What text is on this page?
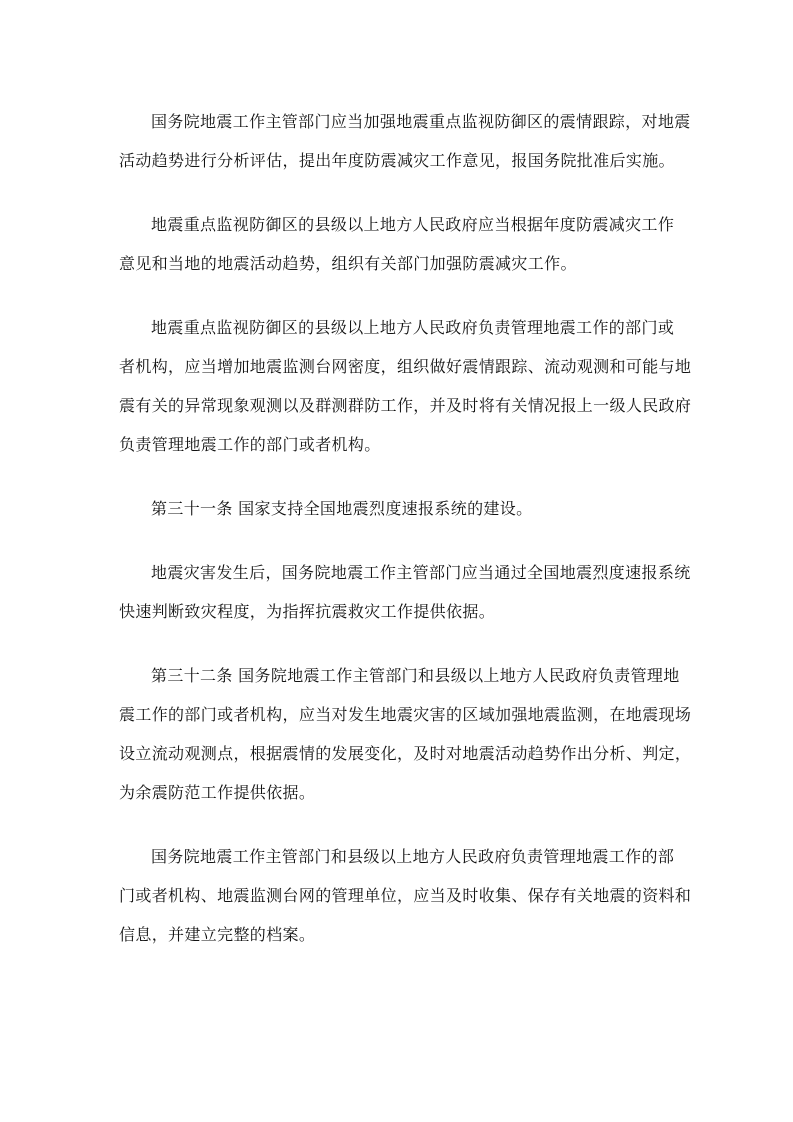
国务院地震工作主管部门应当加强地震重点监视防御区的震情跟踪，对地震
活动趋势进行分析评估，提出年度防震减灾工作意见，报国务院批准后实施。

地震重点监视防御区的县级以上地方人民政府应当根据年度防震减灾工作
意见和当地的地震活动趋势，组织有关部门加强防震减灾工作。

地震重点监视防御区的县级以上地方人民政府负责管理地震工作的部门或
者机构，应当增加地震监测台网密度，组织做好震情跟踪、流动观测和可能与地
震有关的异常现象观测以及群测群防工作，并及时将有关情况报上一级人民政府
负责管理地震工作的部门或者机构。

第三十一条 国家支持全国地震烈度速报系统的建设。

地震灾害发生后，国务院地震工作主管部门应当通过全国地震烈度速报系统
快速判断致灾程度，为指挥抗震救灾工作提供依据。

第三十二条 国务院地震工作主管部门和县级以上地方人民政府负责管理地
震工作的部门或者机构，应当对发生地震灾害的区域加强地震监测，在地震现场
设立流动观测点，根据震情的发展变化，及时对地震活动趋势作出分析、判定，
为余震防范工作提供依据。

国务院地震工作主管部门和县级以上地方人民政府负责管理地震工作的部
门或者机构、地震监测台网的管理单位，应当及时收集、保存有关地震的资料和
信息，并建立完整的档案。
